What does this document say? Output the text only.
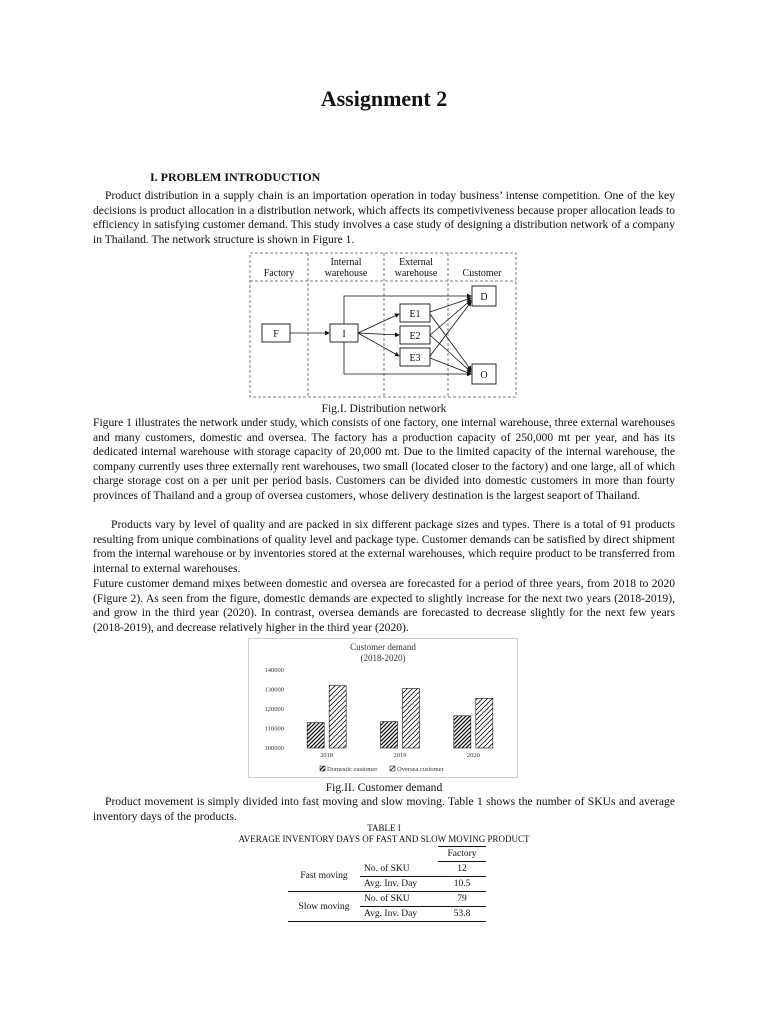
Assignment 2
I. PROBLEM INTRODUCTION

Product distribution in a supply chain is an importation operation in today business’ intense competition. One of the key decisions is product allocation in a distribution network, which affects its competiviveness because proper allocation leads to efficiency in satisfying customer demand. This study involves a case study of designing a distribution network of a company in Thailand. The network structure is shown in Figure 1.

Factory
Internal
warehouse
External
warehouse	Customer
F	I
E1
E2
E3
D
O
Fig.I. Distribution network

Figure 1 illustrates the network under study, which consists of one factory, one internal warehouse, three external warehouses and many customers, domestic and oversea. The factory has a production capacity of 250,000 mt per year, and has its dedicated internal warehouse with storage capacity of 20,000 mt. Due to the limited capacity of the internal warehouse, the company currently uses three externally rent warehouses, two small (located closer to the factory) and one large, all of which charge storage cost on a per unit per period basis. Customers can be divided into domestic customers in more than fourty provinces of Thailand and a group of oversea customers, whose delivery destination is the largest seaport of Thailand.

Products vary by level of quality and are packed in six different package sizes and types. There is a total of 91 products resulting from unique combinations of quality level and package type. Customer demands can be satisfied by direct shipment from the internal warehouse or by inventories stored at the external warehouses, which require product to be transferred from internal to external warehouses.

Future customer demand mixes between domestic and oversea are forecasted for a period of three years, from 2018 to 2020 (Figure 2). As seen from the figure, domestic demands are expected to slightly increase for the next two years (2018-2019), and grow in the third year (2020). In contrast, oversea demands are forecasted to decrease slightly for the next few years (2018-2019), and decrease relatively higher in the third year (2020).

Customer demand
(2018-2020)
100000
110000
120000
130000
140000
2018	2019	2020
Domestic customer	Oversea customer
Fig.II. Customer demand

Product movement is simply divided into fast moving and slow moving. Table 1 shows the number of SKUs and average inventory days of the products.

TABLE I
AVERAGE INVENTORY DAYS OF FAST AND SLOW MOVING PRODUCT
		Factory
Fast moving	No. of SKU	12
	Avg. Inv. Day	10.5
Slow moving	No. of SKU	79
	Avg. Inv. Day	53.8
